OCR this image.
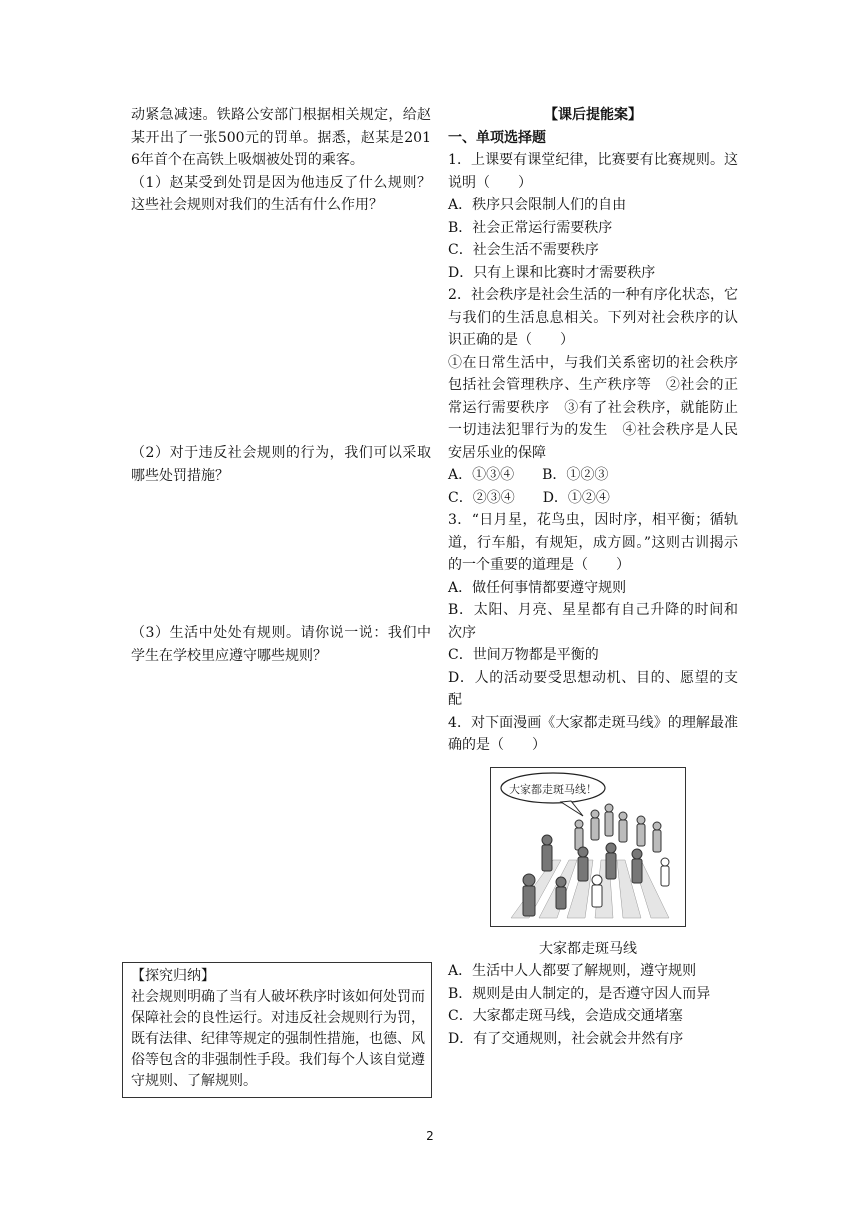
动紧急减速。铁路公安部门根据相关规定，给赵某开出了一张500元的罚单。据悉，赵某是2016年首个在高铁上吸烟被处罚的乘客。

（1）赵某受到处罚是因为他违反了什么规则？这些社会规则对我们的生活有什么作用？

（2）对于违反社会规则的行为，我们可以采取哪些处罚措施？

（3）生活中处处有规则。请你说一说：我们中学生在学校里应遵守哪些规则？

【探究归纳】

社会规则明确了当有人破坏秩序时该如何处罚而保障社会的良性运行。对违反社会规则行为罚，既有法律、纪律等规定的强制性措施，也德、风俗等包含的非强制性手段。我们每个人该自觉遵守规则、了解规则。

【课后提能案】

一、单项选择题

1．上课要有课堂纪律，比赛要有比赛规则。这说明（　　）

A．秩序只会限制人们的自由

B．社会正常运行需要秩序

C．社会生活不需要秩序

D．只有上课和比赛时才需要秩序

2．社会秩序是社会生活的一种有序化状态，它与我们的生活息息相关。下列对社会秩序的认识正确的是（　　）

①在日常生活中，与我们关系密切的社会秩序包括社会管理秩序、生产秩序等　②社会的正常运行需要秩序　③有了社会秩序，就能防止一切违法犯罪行为的发生　④社会秩序是人民安居乐业的保障

A．①③④　　B．①②③

C．②③④　　D．①②④

3．“日月星，花鸟虫，因时序，相平衡；循轨道，行车船，有规矩，成方圆。”这则古训揭示的一个重要的道理是（　　）

A．做任何事情都要遵守规则

B．太阳、月亮、星星都有自己升降的时间和次序

C．世间万物都是平衡的

D．人的活动要受思想动机、目的、愿望的支配

4．对下面漫画《大家都走斑马线》的理解最准确的是（　　）

大家都走斑马线！
大家都走斑马线

A．生活中人人都要了解规则，遵守规则

B．规则是由人制定的，是否遵守因人而异

C．大家都走斑马线，会造成交通堵塞

D．有了交通规则，社会就会井然有序

2
